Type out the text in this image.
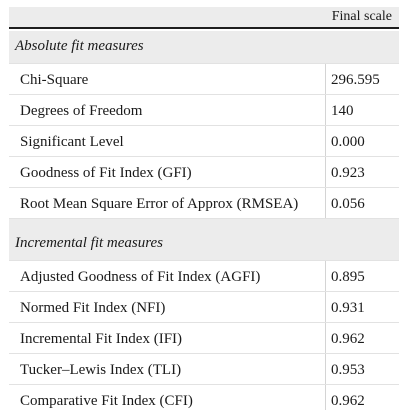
Final scale
Absolute fit measures
Chi-Square	296.595
Degrees of Freedom	140
Significant Level	0.000
Goodness of Fit Index (GFI)	0.923
Root Mean Square Error of Approx (RMSEA) 0.056
Incremental fit measures
Adjusted Goodness of Fit Index (AGFI)	0.895
Normed Fit Index (NFI)	0.931
Incremental Fit Index (IFI)	0.962
Tucker–Lewis Index (TLI)	0.953
Comparative Fit Index (CFI)	0.962
